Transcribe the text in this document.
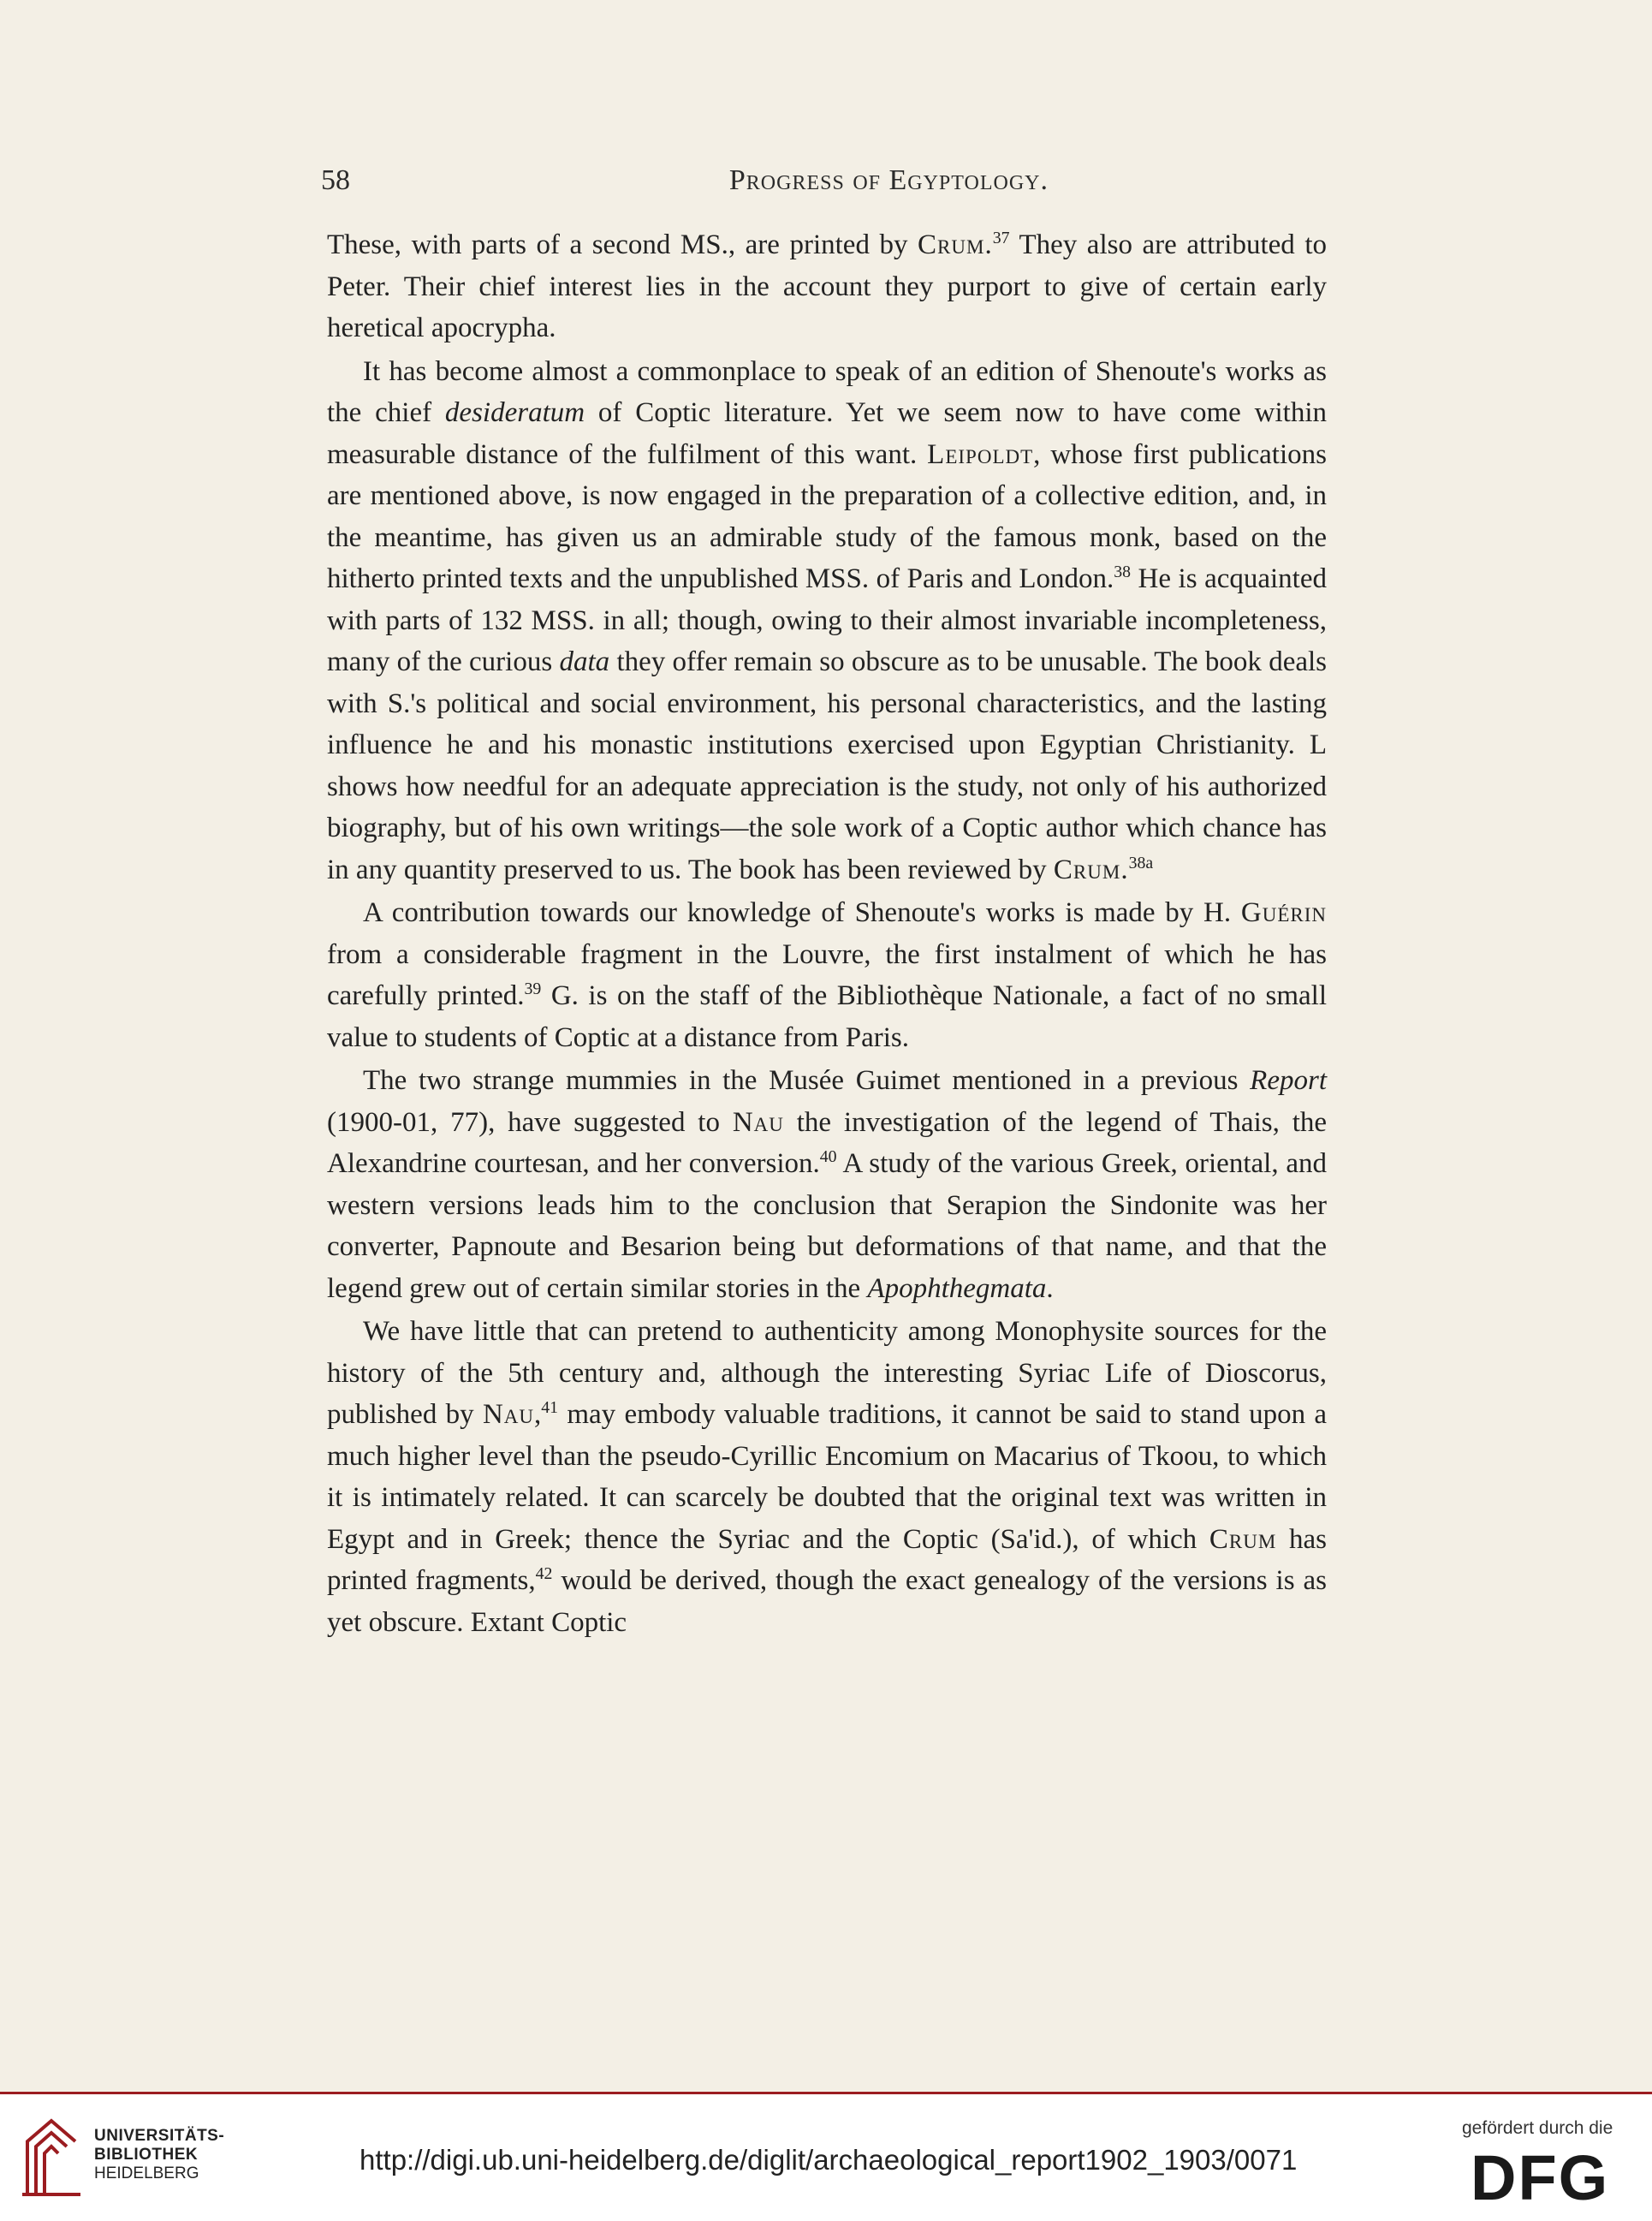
58	Progress of Egyptology.

These, with parts of a second MS., are printed by Crum.$^{37}$ They also are attributed to Peter. Their chief interest lies in the account they purport to give of certain early heretical apocrypha.

It has become almost a commonplace to speak of an edition of Shenoute's works as the chief desideratum of Coptic literature. Yet we seem now to have come within measurable distance of the fulfilment of this want. Leipoldt, whose first publications are mentioned above, is now engaged in the preparation of a collective edition, and, in the meantime, has given us an admirable study of the famous monk, based on the hitherto printed texts and the unpublished MSS. of Paris and London.$^{38}$ He is acquainted with parts of 132 MSS. in all; though, owing to their almost invariable incompleteness, many of the curious data they offer remain so obscure as to be unusable. The book deals with S.'s political and social environment, his personal characteristics, and the lasting influence he and his monastic institutions exercised upon Egyptian Christianity. L shows how needful for an adequate appreciation is the study, not only of his authorized biography, but of his own writings—the sole work of a Coptic author which chance has in any quantity preserved to us. The book has been reviewed by Crum.$^{38a}$

A contribution towards our knowledge of Shenoute's works is made by H. Guérin from a considerable fragment in the Louvre, the first instalment of which he has carefully printed.$^{39}$ G. is on the staff of the Bibliothèque Nationale, a fact of no small value to students of Coptic at a distance from Paris.

The two strange mummies in the Musée Guimet mentioned in a previous Report (1900-01, 77), have suggested to Nau the investigation of the legend of Thais, the Alexandrine courtesan, and her conversion.$^{40}$ A study of the various Greek, oriental, and western versions leads him to the conclusion that Serapion the Sindonite was her converter, Papnoute and Besarion being but deformations of that name, and that the legend grew out of certain similar stories in the Apophthegmata.

We have little that can pretend to authenticity among Monophysite sources for the history of the 5th century and, although the interesting Syriac Life of Dioscorus, published by Nau,$^{41}$ may embody valuable traditions, it cannot be said to stand upon a much higher level than the pseudo-Cyrillic Encomium on Macarius of Tkoou, to which it is intimately related. It can scarcely be doubted that the original text was written in Egypt and in Greek; thence the Syriac and the Coptic (Sa'id.), of which Crum has printed fragments,$^{42}$ would be derived, though the exact genealogy of the versions is as yet obscure. Extant Coptic

UNIVERSITÄTS-
BIBLIOTHEK
HEIDELBERG	http://digi.ub.uni-heidelberg.de/diglit/archaeological_report1902_1903/0071
gefördert durch die
DFG
